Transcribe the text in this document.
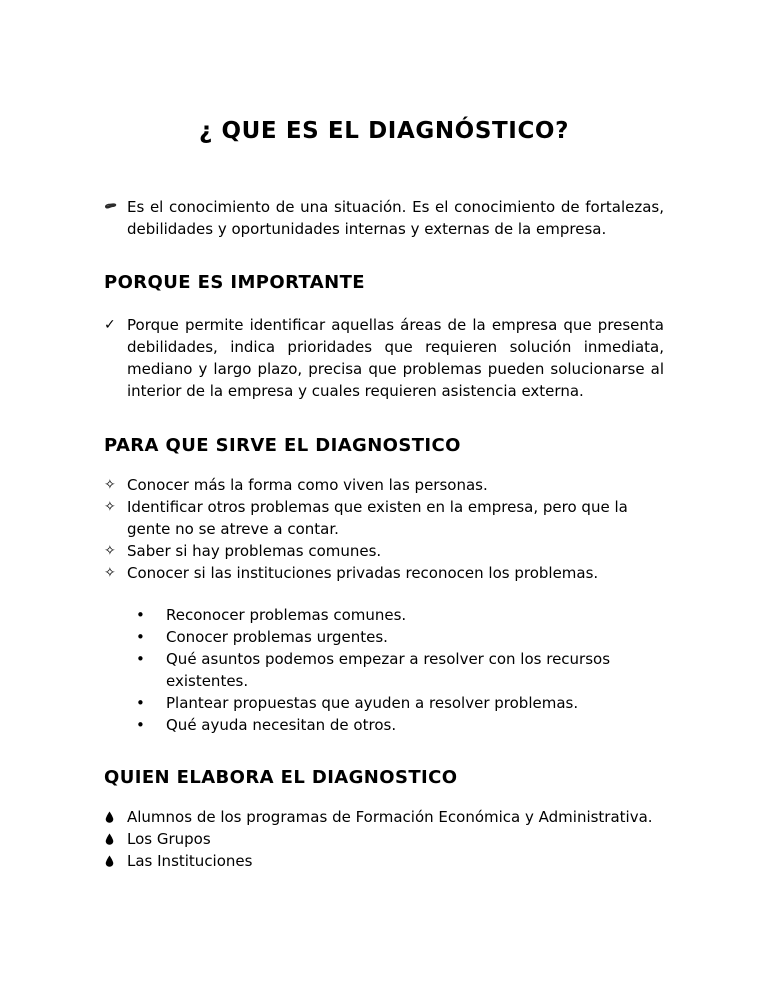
¿ QUE ES EL DIAGNÓSTICO?
Es el conocimiento de una situación. Es el conocimiento de fortalezas, debilidades y oportunidades internas y externas de la empresa.
PORQUE ES IMPORTANTE
✓ Porque permite identificar aquellas áreas de la empresa que presenta debilidades, indica prioridades que requieren solución inmediata, mediano y largo plazo, precisa que problemas pueden solucionarse al interior de la empresa y cuales requieren asistencia externa.
PARA QUE SIRVE EL DIAGNOSTICO
✧ Conocer más la forma como viven las personas.
✧ Identificar otros problemas que existen en la empresa, pero que la gente no se atreve a contar.
✧ Saber si hay problemas comunes.
✧ Conocer si las instituciones privadas reconocen los problemas.
•	Reconocer problemas comunes.
•	Conocer problemas urgentes.
•	Qué asuntos podemos empezar a resolver con los recursos existentes.
•	Plantear propuestas que ayuden a resolver problemas.
•	Qué ayuda necesitan de otros.
QUIEN ELABORA EL DIAGNOSTICO
Alumnos de los programas de Formación Económica y Administrativa.
Los Grupos
Las Instituciones
